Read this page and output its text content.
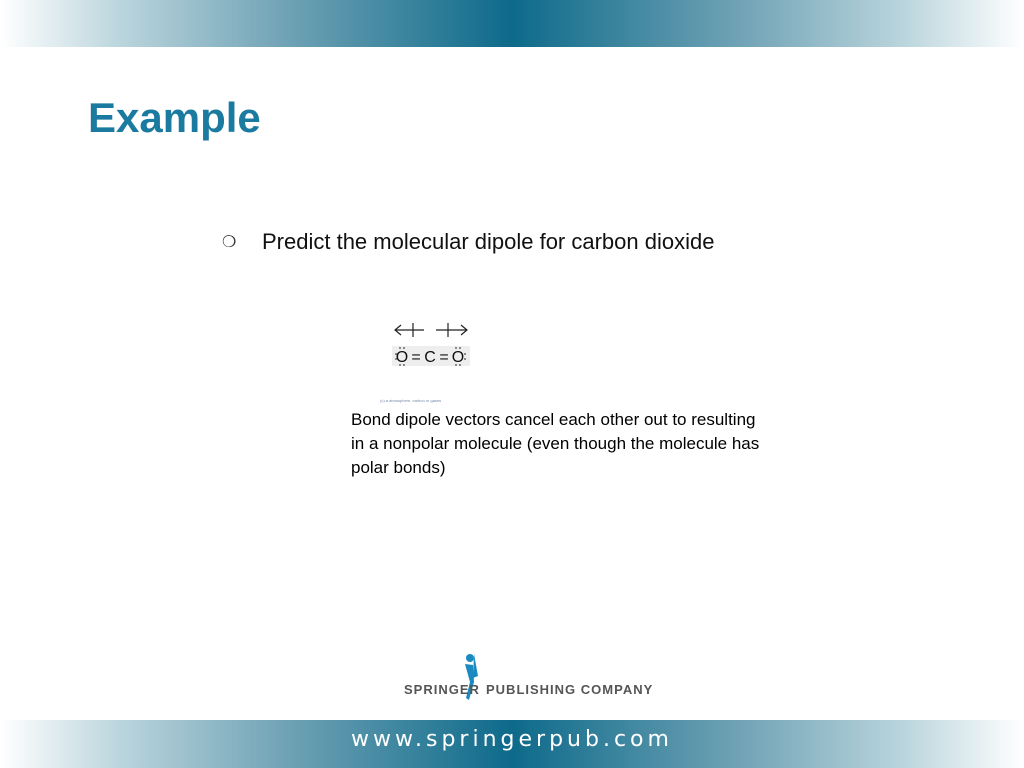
Example
❍	Predict the molecular dipole for carbon dioxide
O = C = O
(c) a atmosphere, carbon or gases
Bond dipole vectors cancel each other out to resulting in a nonpolar molecule (even though the molecule has polar bonds)
SPRINGER PUBLISHING COMPANY
www.springerpub.com
